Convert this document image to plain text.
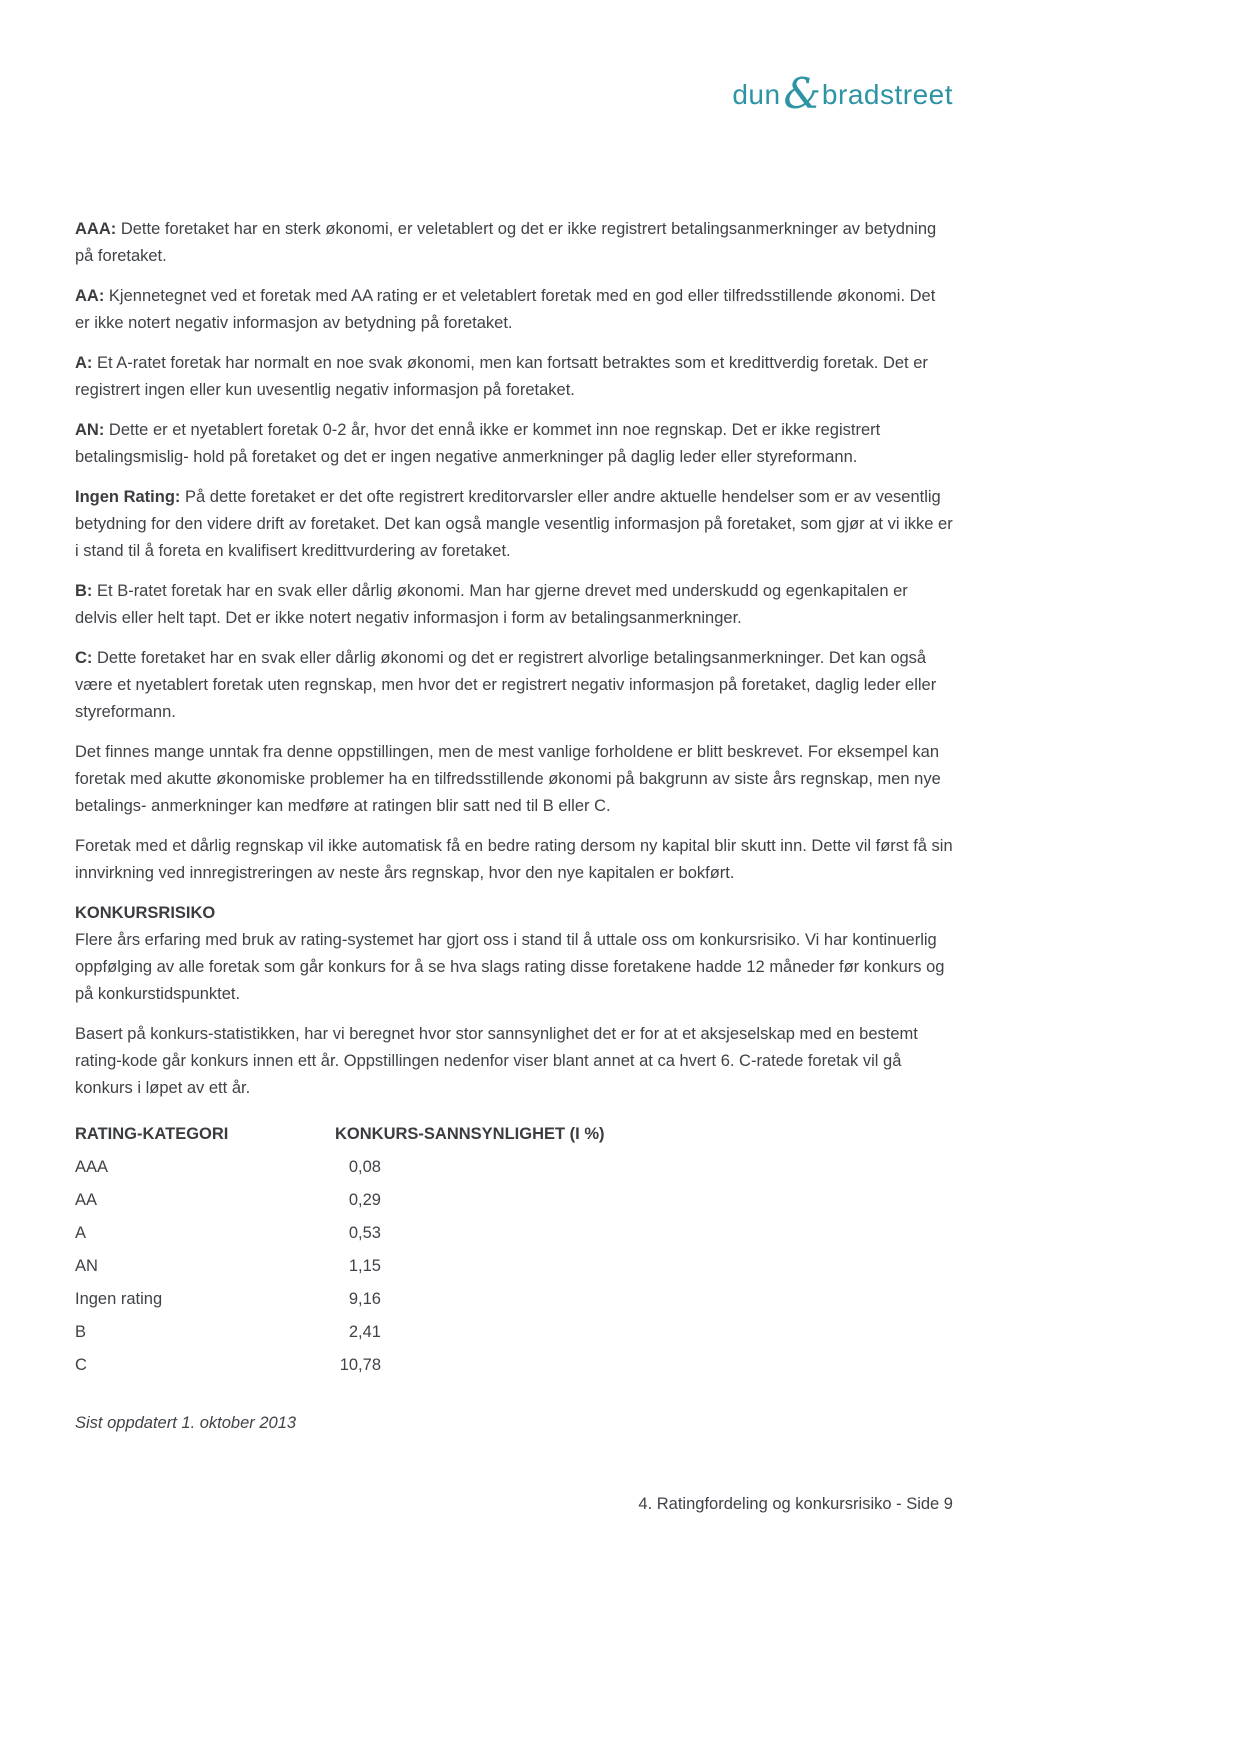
dun&bradstreet

AAA: Dette foretaket har en sterk økonomi, er veletablert og det er ikke registrert betalingsanmerkninger av betydning på foretaket.

AA: Kjennetegnet ved et foretak med AA rating er et veletablert foretak med en god eller tilfredsstillende økonomi. Det er ikke notert negativ informasjon av betydning på foretaket.

A: Et A-ratet foretak har normalt en noe svak økonomi, men kan fortsatt betraktes som et kredittverdig foretak. Det er registrert ingen eller kun uvesentlig negativ informasjon på foretaket.

AN: Dette er et nyetablert foretak 0-2 år, hvor det ennå ikke er kommet inn noe regnskap. Det er ikke registrert betalingsmislig- hold på foretaket og det er ingen negative anmerkninger på daglig leder eller styreformann.

Ingen Rating: På dette foretaket er det ofte registrert kreditorvarsler eller andre aktuelle hendelser som er av vesentlig betydning for den videre drift av foretaket. Det kan også mangle vesentlig informasjon på foretaket, som gjør at vi ikke er i stand til å foreta en kvalifisert kredittvurdering av foretaket.

B: Et B-ratet foretak har en svak eller dårlig økonomi. Man har gjerne drevet med underskudd og egenkapitalen er delvis eller helt tapt. Det er ikke notert negativ informasjon i form av betalingsanmerkninger.

C: Dette foretaket har en svak eller dårlig økonomi og det er registrert alvorlige betalingsanmerkninger. Det kan også være et nyetablert foretak uten regnskap, men hvor det er registrert negativ informasjon på foretaket, daglig leder eller styreformann.

Det finnes mange unntak fra denne oppstillingen, men de mest vanlige forholdene er blitt beskrevet. For eksempel kan foretak med akutte økonomiske problemer ha en tilfredsstillende økonomi på bakgrunn av siste års regnskap, men nye betalings- anmerkninger kan medføre at ratingen blir satt ned til B eller C.

Foretak med et dårlig regnskap vil ikke automatisk få en bedre rating dersom ny kapital blir skutt inn. Dette vil først få sin innvirkning ved innregistreringen av neste års regnskap, hvor den nye kapitalen er bokført.

KONKURSRISIKO

Flere års erfaring med bruk av rating-systemet har gjort oss i stand til å uttale oss om konkursrisiko. Vi har kontinuerlig oppfølging av alle foretak som går konkurs for å se hva slags rating disse foretakene hadde 12 måneder før konkurs og på konkurstidspunktet.

Basert på konkurs-statistikken, har vi beregnet hvor stor sannsynlighet det er for at et aksjeselskap med en bestemt rating-kode går konkurs innen ett år. Oppstillingen nedenfor viser blant annet at ca hvert 6. C-ratede foretak vil gå konkurs i løpet av ett år.

RATING-KATEGORI	KONKURS-SANNSYNLIGHET (I %)
AAA	0,08
AA	0,29
A	0,53
AN	1,15
Ingen rating	9,16
B	2,41
C	10,78

Sist oppdatert 1. oktober 2013

4. Ratingfordeling og konkursrisiko - Side 9
